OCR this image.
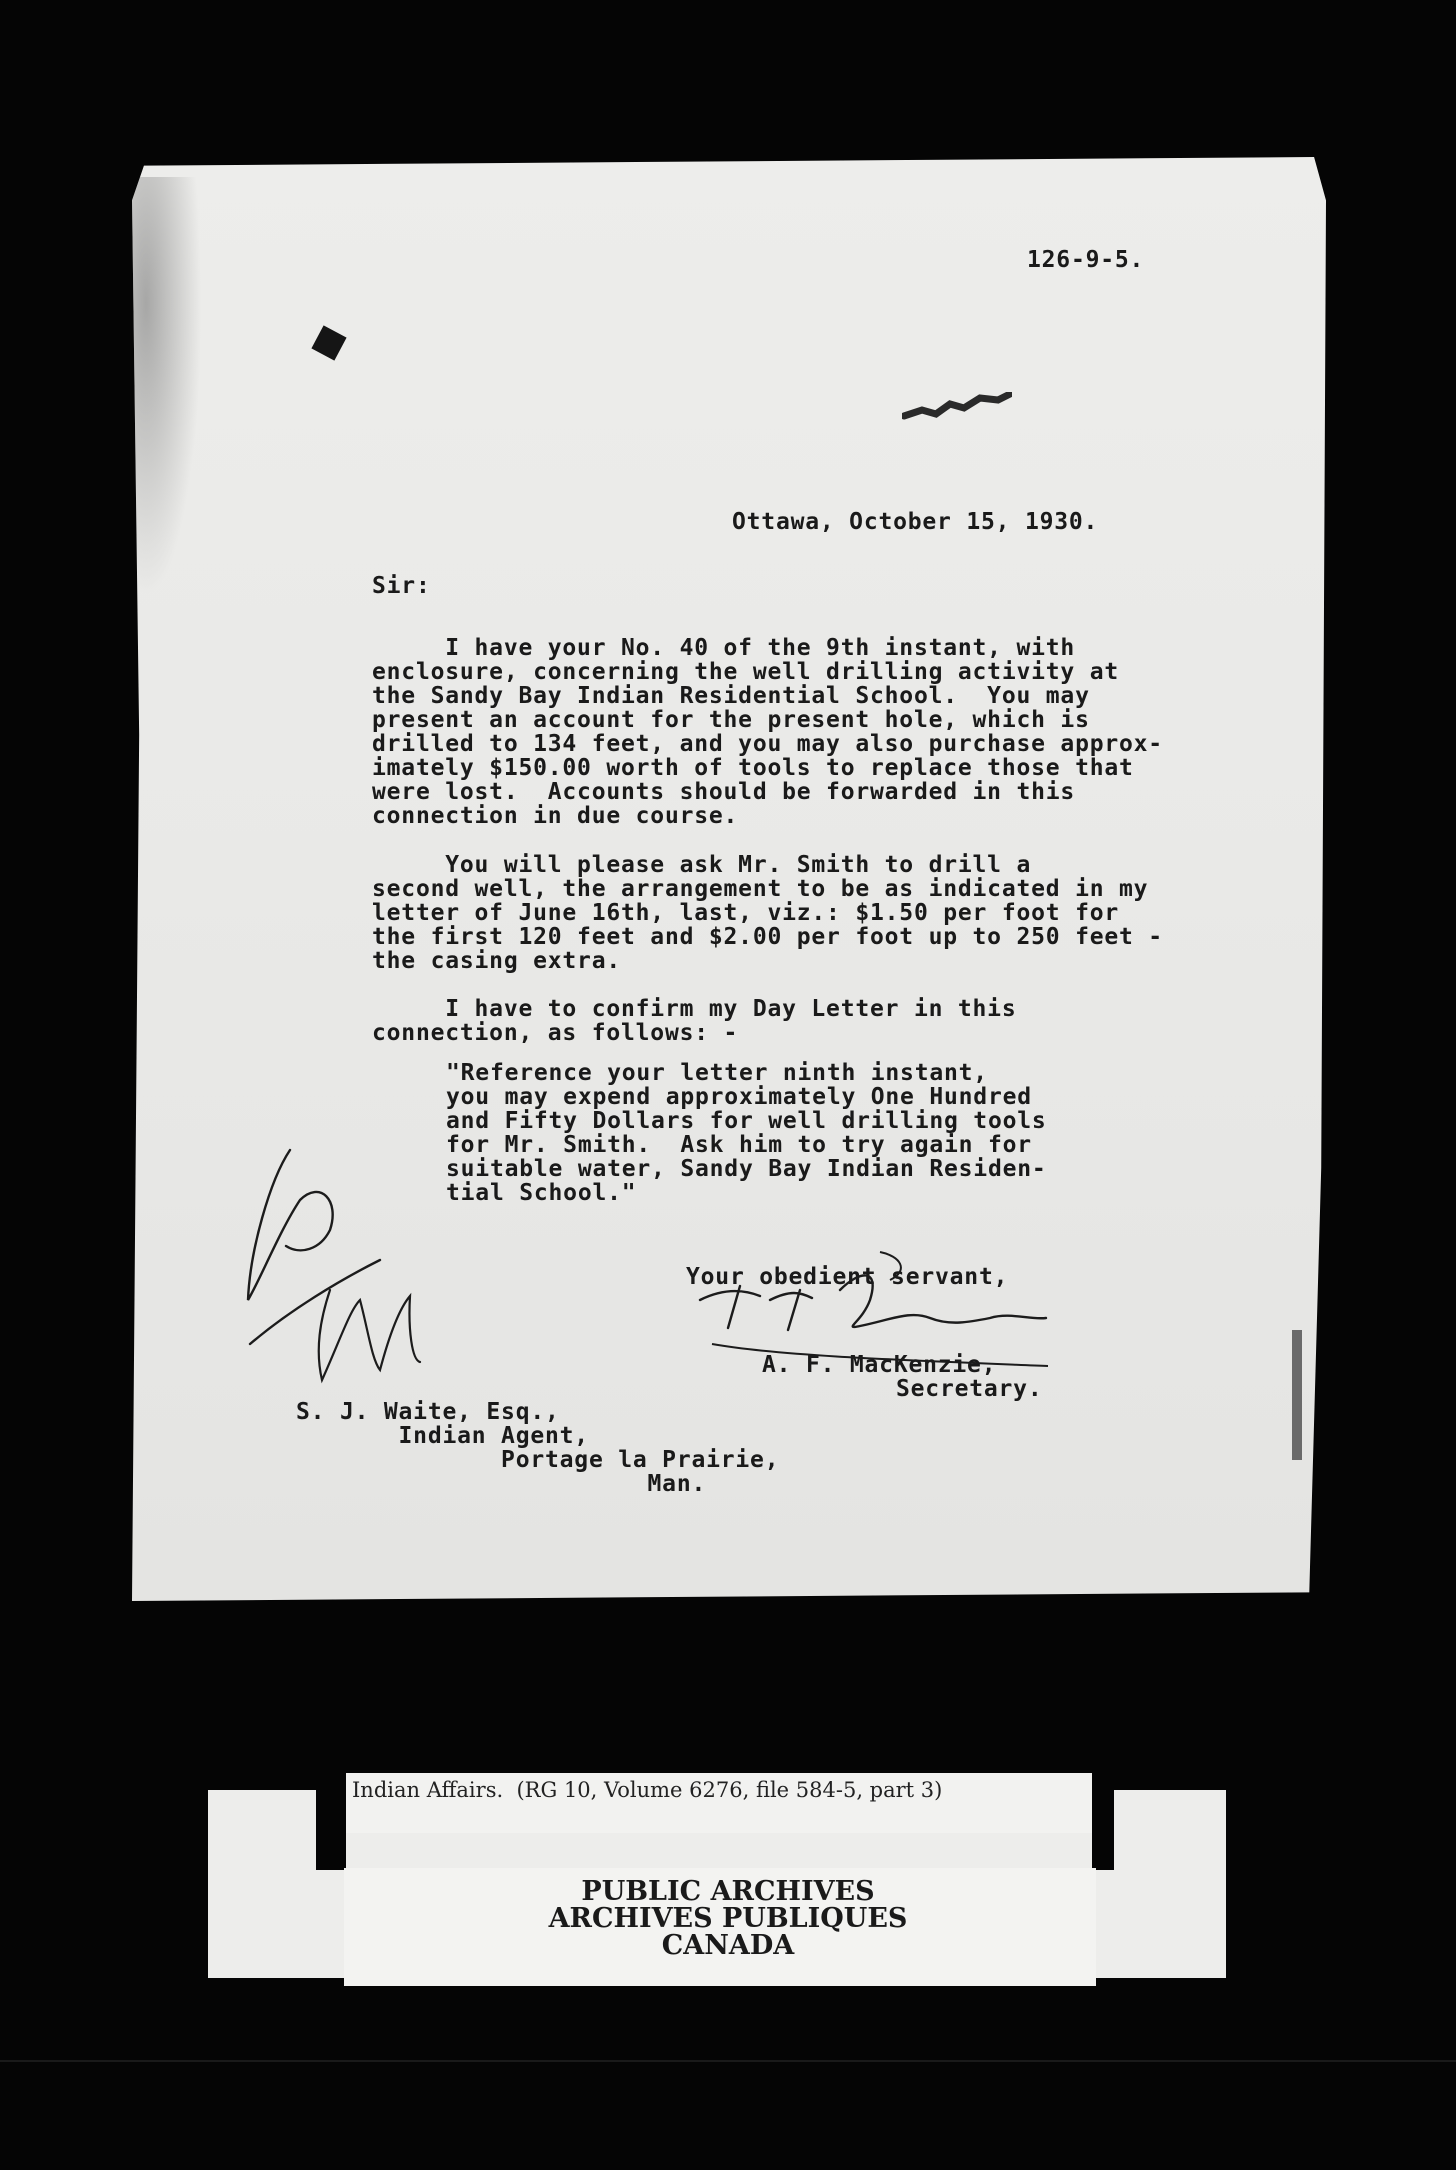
126-9-5.
Ottawa, October 15, 1930.
Sir:
I have your No. 40 of the 9th instant, with
enclosure, concerning the well drilling activity at
the Sandy Bay Indian Residential School.  You may
present an account for the present hole, which is
drilled to 134 feet, and you may also purchase approx-
imately $150.00 worth of tools to replace those that
were lost.  Accounts should be forwarded in this
connection in due course.
You will please ask Mr. Smith to drill a
second well, the arrangement to be as indicated in my
letter of June 16th, last, viz.: $1.50 per foot for
the first 120 feet and $2.00 per foot up to 250 feet -
the casing extra.
I have to confirm my Day Letter in this
connection, as follows: -
"Reference your letter ninth instant,
you may expend approximately One Hundred
and Fifty Dollars for well drilling tools
for Mr. Smith.  Ask him to try again for
suitable water, Sandy Bay Indian Residen-
tial School."
Your obedient servant,
A. F. MacKenzie,
Secretary.
S. J. Waite, Esq.,
Indian Agent,
Portage la Prairie,
Man.
Indian Affairs.  (RG 10, Volume 6276, file 584-5, part 3)
PUBLIC ARCHIVES
ARCHIVES PUBLIQUES
CANADA
